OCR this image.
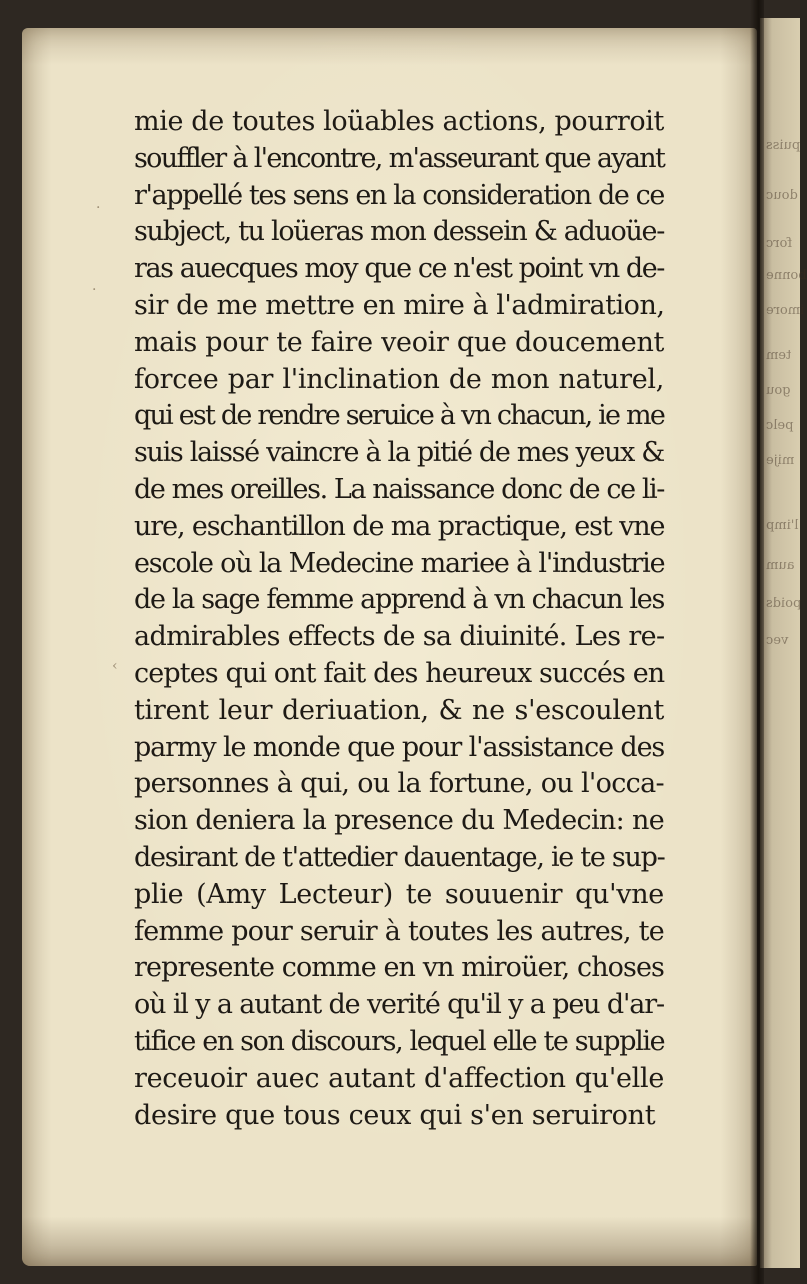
puiss
douc
forc
bonne
imore
tem
gou
pelc
mije
l'imp
aum
poids
vec
·
·
‹
mie de toutes loüables actions, pourroit
souffler à l'encontre, m'asseurant que ayant
r'appellé tes sens en la consideration de ce
subject, tu loüeras mon dessein & aduoüe-
ras auecques moy que ce n'est point vn de-
sir de me mettre en mire à l'admiration,
mais pour te faire veoir que doucement
forcee par l'inclination de mon naturel,
qui est de rendre seruice à vn chacun, ie me
suis laissé vaincre à la pitié de mes yeux &
de mes oreilles. La naissance donc de ce li-
ure, eschantillon de ma practique, est vne
escole où la Medecine mariee à l'industrie
de la sage femme apprend à vn chacun les
admirables effects de sa diuinité. Les re-
ceptes qui ont fait des heureux succés en
tirent leur deriuation, & ne s'escoulent
parmy le monde que pour l'assistance des
personnes à qui, ou la fortune, ou l'occa-
sion deniera la presence du Medecin: ne
desirant de t'attedier dauentage, ie te sup-
plie (Amy Lecteur) te souuenir qu'vne
femme pour seruir à toutes les autres, te
represente comme en vn miroüer, choses
où il y a autant de verité qu'il y a peu d'ar-
tifice en son discours, lequel elle te supplie
receuoir auec autant d'affection qu'elle
desire que tous ceux qui s'en seruiront
